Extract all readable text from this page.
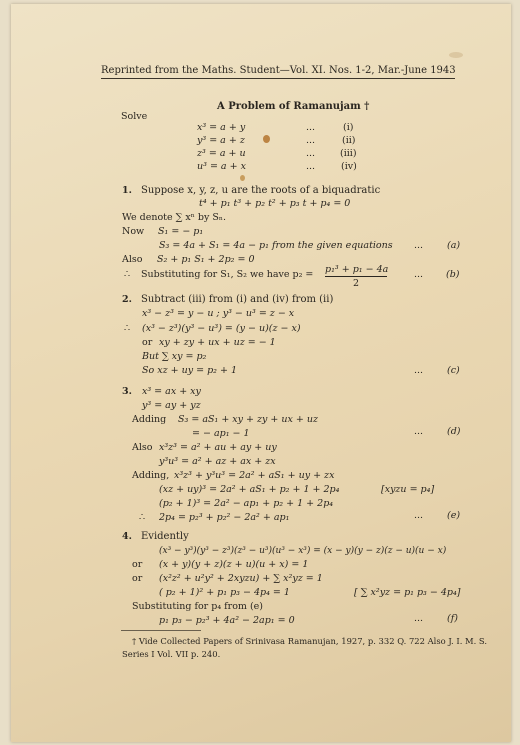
Reprinted from the Maths. Student—Vol. XI. Nos. 1-2, Mar.-June 1943
A Problem of Ramanujam †
Solve
x³ = a + y	...	(i)
y³ = a + z	...	(ii)
z³ = a + u	...	(iii)
u³ = a + x	...	(iv)
1. Suppose x, y, z, u are the roots of a biquadratic
t⁴ + p₁ t³ + p₂ t² + p₃ t + p₄ = 0
We denote ∑ xⁿ by Sₙ.
Now S₁ = − p₁
S₃ = 4a + S₁ = 4a − p₁ from the given equations ...	(a)
Also S₂ + p₁ S₁ + 2p₂ = 0
∴ Substituting for S₁, S₂ we have p₂ = p₁³ + p₁ − 4a
2
... (b)
2. Subtract (iii) from (i) and (iv) from (ii)
x³ − z³ = y − u ; y³ − u³ = z − x
∴ (x³ − z³)(y³ − u³) = (y − u)(z − x)
or xy + zy + ux + uz = − 1
But ∑ xy = p₂
So xz + uy = p₂ + 1	...	(c)
3. x³ = ax + xy
y³ = ay + yz
Adding S₃ = aS₁ + xy + zy + ux + uz
= − ap₁ − 1	...	(d)
Also x³z³ = a² + au + ay + uy
y³u³ = a² + az + ax + zx
Adding, x³z³ + y³u³ = 2a² + aS₁ + uy + zx
(xz + uy)³ = 2a² + aS₁ + p₂ + 1 + 2p₄	[xyzu = p₄]
(p₂ + 1)³ = 2a² − ap₁ + p₂ + 1 + 2p₄
∴ 2p₄ = p₂³ + p₂² − 2a² + ap₁	...	(e)
4. Evidently
(x³ − y³)(y³ − z³)(z³ − u³)(u³ − x³) = (x − y)(y − z)(z − u)(u − x)
or (x + y)(y + z)(z + u)(u + x) = 1
or (x²z² + u²y² + 2xyzu) + ∑ x²yz = 1
( p₂ + 1)² + p₁ p₃ − 4p₄ = 1	[ ∑ x²yz = p₁ p₃ − 4p₄]
Substituting for p₄ from (e)
p₁ p₃ − p₂³ + 4a² − 2ap₁ = 0	...	(f)
† Vide Collected Papers of Srinivasa Ramanujan, 1927, p. 332 Q. 722 Also J. I. M. S.
Series I Vol. VII p. 240.
